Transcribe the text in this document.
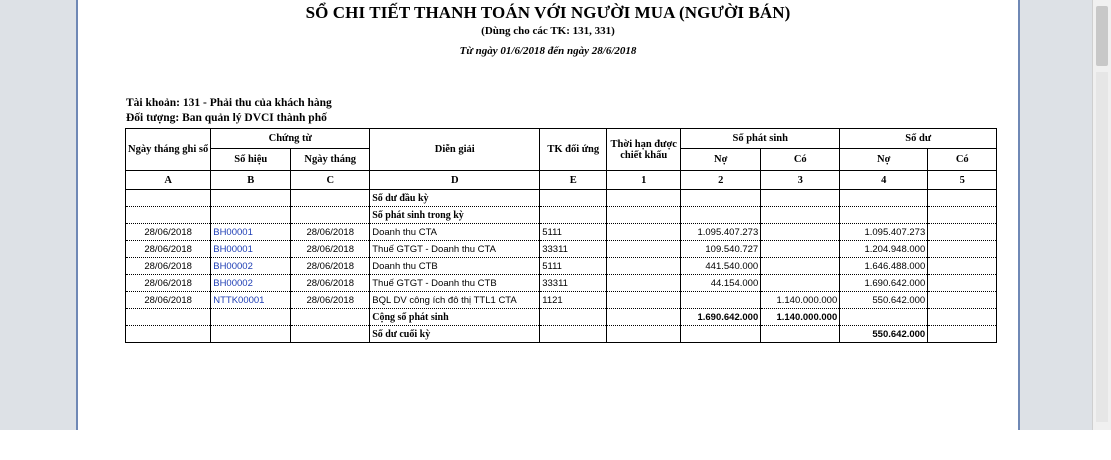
SỔ CHI TIẾT THANH TOÁN VỚI NGƯỜI MUA (NGƯỜI BÁN)
(Dùng cho các TK: 131, 331)
Từ ngày 01/6/2018 đến ngày 28/6/2018
Tài khoản: 131 - Phải thu của khách hàng
Đối tượng: Ban quản lý DVCI thành phố
Ngày tháng ghi sổ	Chứng từ		Diễn giải	TK đối ứng	Thời hạn được chiết khấu	Số phát sinh		Số dư	
	Số hiệu	Ngày tháng				Nợ	Có	Nợ	Có
A	B	C	D	E	1	2	3	4	5
			Số dư đầu kỳ						
			Số phát sinh trong kỳ						
28/06/2018	BH00001	28/06/2018	Doanh thu CTA	5111		1.095.407.273		1.095.407.273	
28/06/2018	BH00001	28/06/2018	Thuế GTGT - Doanh thu CTA	33311		109.540.727		1.204.948.000	
28/06/2018	BH00002	28/06/2018	Doanh thu CTB	5111		441.540.000		1.646.488.000	
28/06/2018	BH00002	28/06/2018	Thuế GTGT - Doanh thu CTB	33311		44.154.000		1.690.642.000	
28/06/2018	NTTK00001	28/06/2018	BQL DV công ích đô thị TTL1 CTA	1121			1.140.000.000	550.642.000	
			Cộng số phát sinh			1.690.642.000	1.140.000.000		
			Số dư cuối kỳ					550.642.000	
